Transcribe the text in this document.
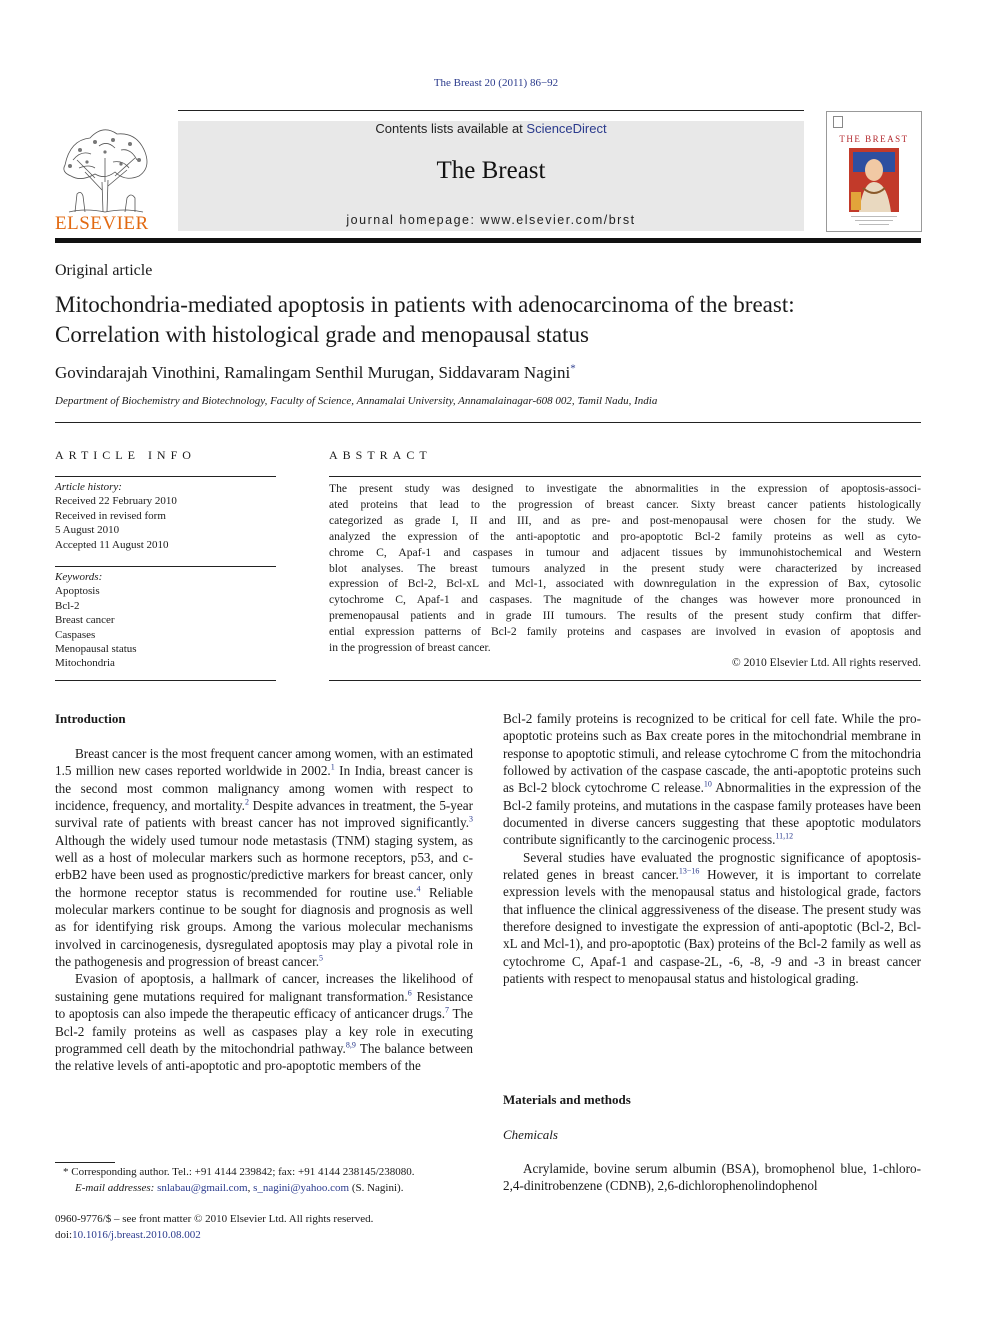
The Breast 20 (2011) 86−92
ELSEVIER
Contents lists available at ScienceDirect
The Breast
journal homepage: www.elsevier.com/brst
THE BREAST
Original article
Mitochondria-mediated apoptosis in patients with adenocarcinoma of the breast:
Correlation with histological grade and menopausal status
Govindarajah Vinothini, Ramalingam Senthil Murugan, Siddavaram Nagini*
Department of Biochemistry and Biotechnology, Faculty of Science, Annamalai University, Annamalainagar-608 002, Tamil Nadu, India
ARTICLE INFO
Article history:
Received 22 February 2010
Received in revised form
5 August 2010
Accepted 11 August 2010
Keywords:
Apoptosis
Bcl-2
Breast cancer
Caspases
Menopausal status
Mitochondria
ABSTRACT
The present study was designed to investigate the abnormalities in the expression of apoptosis-associ-
ated proteins that lead to the progression of breast cancer. Sixty breast cancer patients histologically
categorized as grade I, II and III, and as pre- and post-menopausal were chosen for the study. We
analyzed the expression of the anti-apoptotic and pro-apoptotic Bcl-2 family proteins as well as cyto-
chrome C, Apaf-1 and caspases in tumour and adjacent tissues by immunohistochemical and Western
blot analyses. The breast tumours analyzed in the present study were characterized by increased
expression of Bcl-2, Bcl-xL and Mcl-1, associated with downregulation in the expression of Bax, cytosolic
cytochrome C, Apaf-1 and caspases. The magnitude of the changes was however more pronounced in
premenopausal patients and in grade III tumours. The results of the present study confirm that differ-
ential expression patterns of Bcl-2 family proteins and caspases are involved in evasion of apoptosis and
in the progression of breast cancer.
© 2010 Elsevier Ltd. All rights reserved.
Introduction

Breast cancer is the most frequent cancer among women, with an estimated 1.5 million new cases reported worldwide in 2002.$^1$ In India, breast cancer is the second most common malignancy among women with respect to incidence, frequency, and mortality.$^2$ Despite advances in treatment, the 5-year survival rate of patients with breast cancer has not improved significantly.$^3$ Although the widely used tumour node metastasis (TNM) staging system, as well as a host of molecular markers such as hormone receptors, p53, and c-erbB2 have been used as prognostic/predictive markers for breast cancer, only the hormone receptor status is recommended for routine use.$^4$ Reliable molecular markers continue to be sought for diagnosis and prognosis as well as for identifying risk groups. Among the various molecular mechanisms involved in carcinogenesis, dysregulated apoptosis may play a pivotal role in the pathogenesis and progression of breast cancer.$^5$

Evasion of apoptosis, a hallmark of cancer, increases the likelihood of sustaining gene mutations required for malignant transformation.$^6$ Resistance to apoptosis can also impede the therapeutic efficacy of anticancer drugs.$^7$ The Bcl-2 family proteins as well as caspases play a key role in executing programmed cell death by the mitochondrial pathway.$^{8,9}$ The balance between the relative levels of anti-apoptotic and pro-apoptotic members of the

Bcl-2 family proteins is recognized to be critical for cell fate. While the pro-apoptotic proteins such as Bax create pores in the mitochondrial membrane in response to apoptotic stimuli, and release cytochrome C from the mitochondria followed by activation of the caspase cascade, the anti-apoptotic proteins such as Bcl-2 block cytochrome C release.$^{10}$ Abnormalities in the expression of the Bcl-2 family proteins, and mutations in the caspase family proteases have been documented in diverse cancers suggesting that these apoptotic modulators contribute significantly to the carcinogenic process.$^{11,12}$

Several studies have evaluated the prognostic significance of apoptosis-related genes in breast cancer.$^{13-16}$ However, it is important to correlate expression levels with the menopausal status and histological grade, factors that influence the clinical aggressiveness of the disease. The present study was therefore designed to investigate the expression of anti-apoptotic (Bcl-2, Bcl-xL and Mcl-1), and pro-apoptotic (Bax) proteins of the Bcl-2 family as well as cytochrome C, Apaf-1 and caspase-2L, -6, -8, -9 and -3 in breast cancer patients with respect to menopausal status and histological grading.

Materials and methods
Chemicals

Acrylamide, bovine serum albumin (BSA), bromophenol blue, 1-chloro-2,4-dinitrobenzene (CDNB), 2,6-dichlorophenolindophenol

* Corresponding author. Tel.: +91 4144 239842; fax: +91 4144 238145/238080.
E-mail addresses: snlabau@gmail.com, s_nagini@yahoo.com (S. Nagini).
0960-9776/$ – see front matter © 2010 Elsevier Ltd. All rights reserved.
doi:10.1016/j.breast.2010.08.002
